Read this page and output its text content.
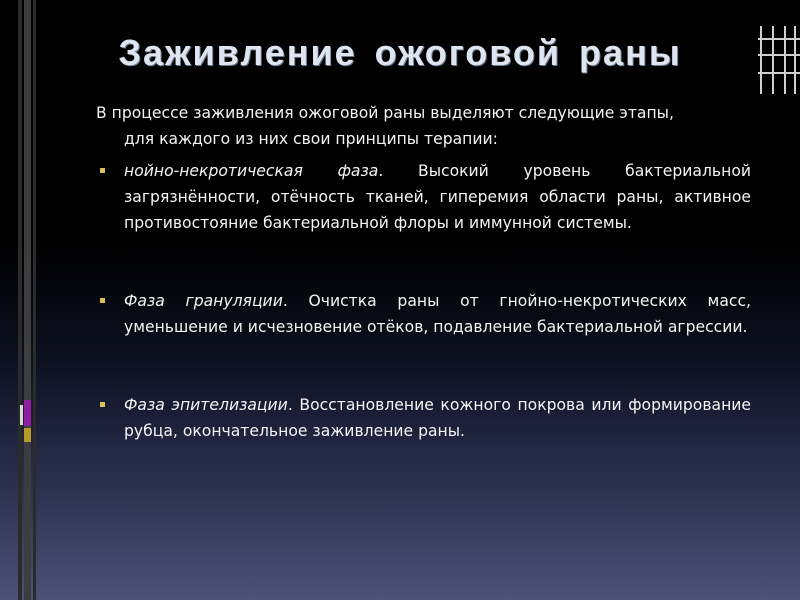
Заживление ожоговой раны

В процессе заживления ожоговой раны выделяют следующие этапы,
для каждого из них свои принципы терапии:

нойно-некротическая фаза. Высокий уровень бактериальной загрязнённости, отёчность тканей, гиперемия области раны, активное противостояние бактериальной флоры и иммунной системы.
Фаза грануляции. Очистка раны от гнойно-некротических масс, уменьшение и исчезновение отёков, подавление бактериальной агрессии.
Фаза эпителизации. Восстановление кожного покрова или формирование рубца, окончательное заживление раны.
